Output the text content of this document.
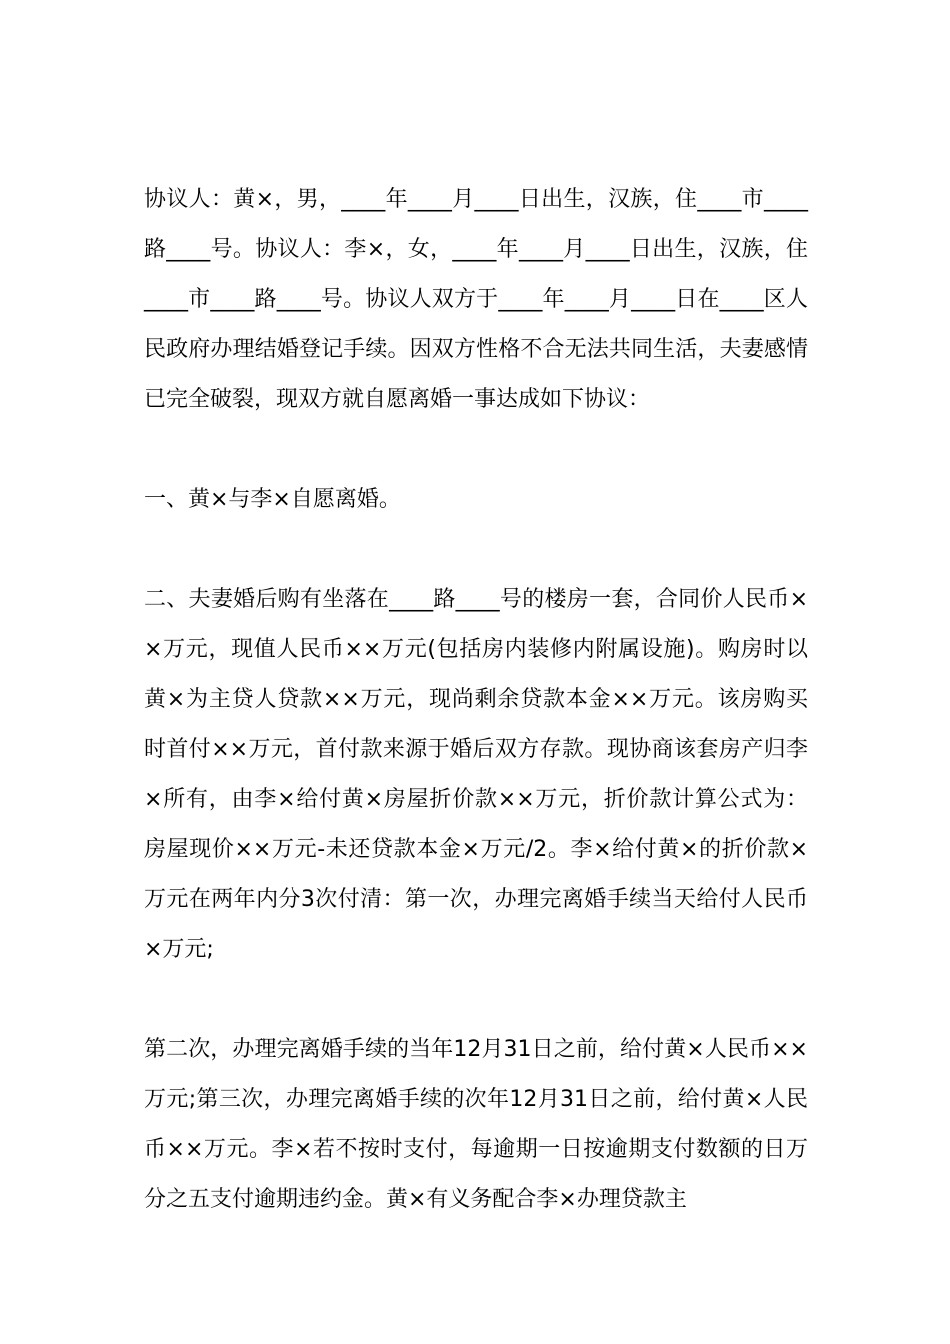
协议人：黄×，男，____年____月____日出生，汉族，住____市____路____号。协议人：李×，女，____年____月____日出生，汉族，住____市____路____号。协议人双方于____年____月____日在____区人民政府办理结婚登记手续。因双方性格不合无法共同生活，夫妻感情已完全破裂，现双方就自愿离婚一事达成如下协议：

一、黄×与李×自愿离婚。

二、夫妻婚后购有坐落在____路____号的楼房一套，合同价人民币××万元，现值人民币××万元(包括房内装修内附属设施)。购房时以黄×为主贷人贷款××万元，现尚剩余贷款本金××万元。该房购买时首付××万元，首付款来源于婚后双方存款。现协商该套房产归李×所有，由李×给付黄×房屋折价款××万元，折价款计算公式为：房屋现价××万元-未还贷款本金×万元/2。李×给付黄×的折价款×万元在两年内分3次付清：第一次，办理完离婚手续当天给付人民币×万元;

第二次，办理完离婚手续的当年12月31日之前，给付黄×人民币××万元;第三次，办理完离婚手续的次年12月31日之前，给付黄×人民币××万元。李×若不按时支付，每逾期一日按逾期支付数额的日万分之五支付逾期违约金。黄×有义务配合李×办理贷款主
